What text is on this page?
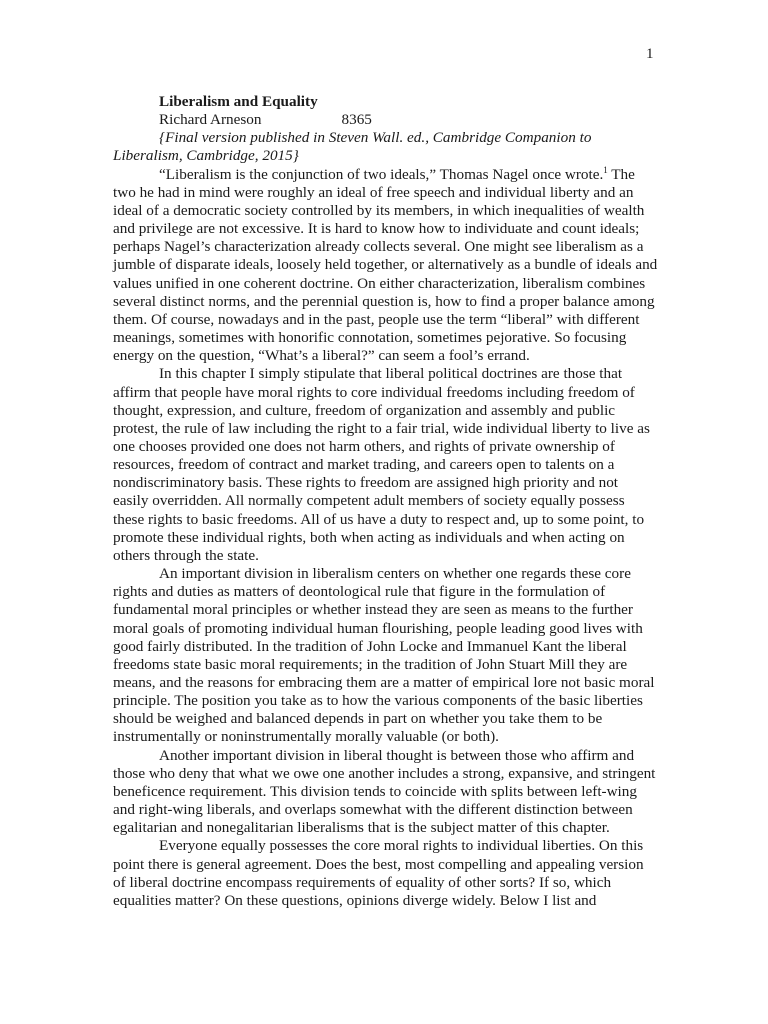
1
Liberalism and Equality
Richard Arneson	8365
{Final version published in Steven Wall. ed., Cambridge Companion to
Liberalism, Cambridge, 2015}
“Liberalism is the conjunction of two ideals,” Thomas Nagel once wrote.$^1$ The
two he had in mind were roughly an ideal of free speech and individual liberty and an
ideal of a democratic society controlled by its members, in which inequalities of wealth
and privilege are not excessive. It is hard to know how to individuate and count ideals;
perhaps Nagel’s characterization already collects several. One might see liberalism as a
jumble of disparate ideals, loosely held together, or alternatively as a bundle of ideals and
values unified in one coherent doctrine. On either characterization, liberalism combines
several distinct norms, and the perennial question is, how to find a proper balance among
them. Of course, nowadays and in the past, people use the term “liberal” with different
meanings, sometimes with honorific connotation, sometimes pejorative. So focusing
energy on the question, “What’s a liberal?” can seem a fool’s errand.
In this chapter I simply stipulate that liberal political doctrines are those that
affirm that people have moral rights to core individual freedoms including freedom of
thought, expression, and culture, freedom of organization and assembly and public
protest, the rule of law including the right to a fair trial, wide individual liberty to live as
one chooses provided one does not harm others, and rights of private ownership of
resources, freedom of contract and market trading, and careers open to talents on a
nondiscriminatory basis. These rights to freedom are assigned high priority and not
easily overridden. All normally competent adult members of society equally possess
these rights to basic freedoms. All of us have a duty to respect and, up to some point, to
promote these individual rights, both when acting as individuals and when acting on
others through the state.
An important division in liberalism centers on whether one regards these core
rights and duties as matters of deontological rule that figure in the formulation of
fundamental moral principles or whether instead they are seen as means to the further
moral goals of promoting individual human flourishing, people leading good lives with
good fairly distributed. In the tradition of John Locke and Immanuel Kant the liberal
freedoms state basic moral requirements; in the tradition of John Stuart Mill they are
means, and the reasons for embracing them are a matter of empirical lore not basic moral
principle. The position you take as to how the various components of the basic liberties
should be weighed and balanced depends in part on whether you take them to be
instrumentally or noninstrumentally morally valuable (or both).
Another important division in liberal thought is between those who affirm and
those who deny that what we owe one another includes a strong, expansive, and stringent
beneficence requirement. This division tends to coincide with splits between left-wing
and right-wing liberals, and overlaps somewhat with the different distinction between
egalitarian and nonegalitarian liberalisms that is the subject matter of this chapter.
Everyone equally possesses the core moral rights to individual liberties. On this
point there is general agreement. Does the best, most compelling and appealing version
of liberal doctrine encompass requirements of equality of other sorts? If so, which
equalities matter? On these questions, opinions diverge widely. Below I list and
